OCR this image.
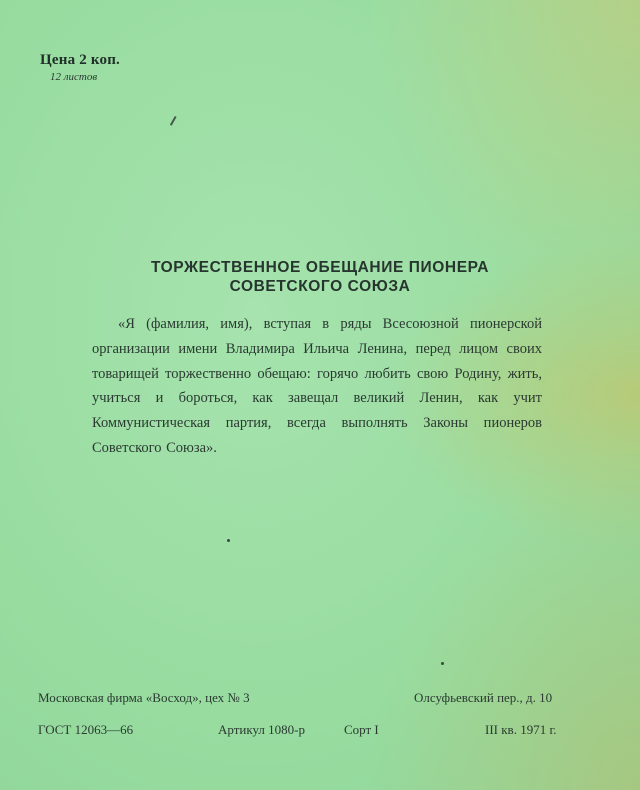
Цена 2 коп.
12 листов
ТОРЖЕСТВЕННОЕ ОБЕЩАНИЕ ПИОНЕРА
СОВЕТСКОГО СОЮЗА
«Я (фамилия, имя), вступая в ряды Всесоюзной пионерской организации имени Владимира Ильича Ленина, перед лицом своих товарищей торжественно обещаю: горячо любить свою Родину, жить, учиться и бороться, как завещал великий Ленин, как учит Коммунистическая партия, всегда выполнять Законы пионеров Советского Союза».
Московская фирма «Восход», цех № 3	Олсуфьевский пер., д. 10
ГОСТ 12063—66	Артикул 1080-р	Сорт I	III кв. 1971 г.
